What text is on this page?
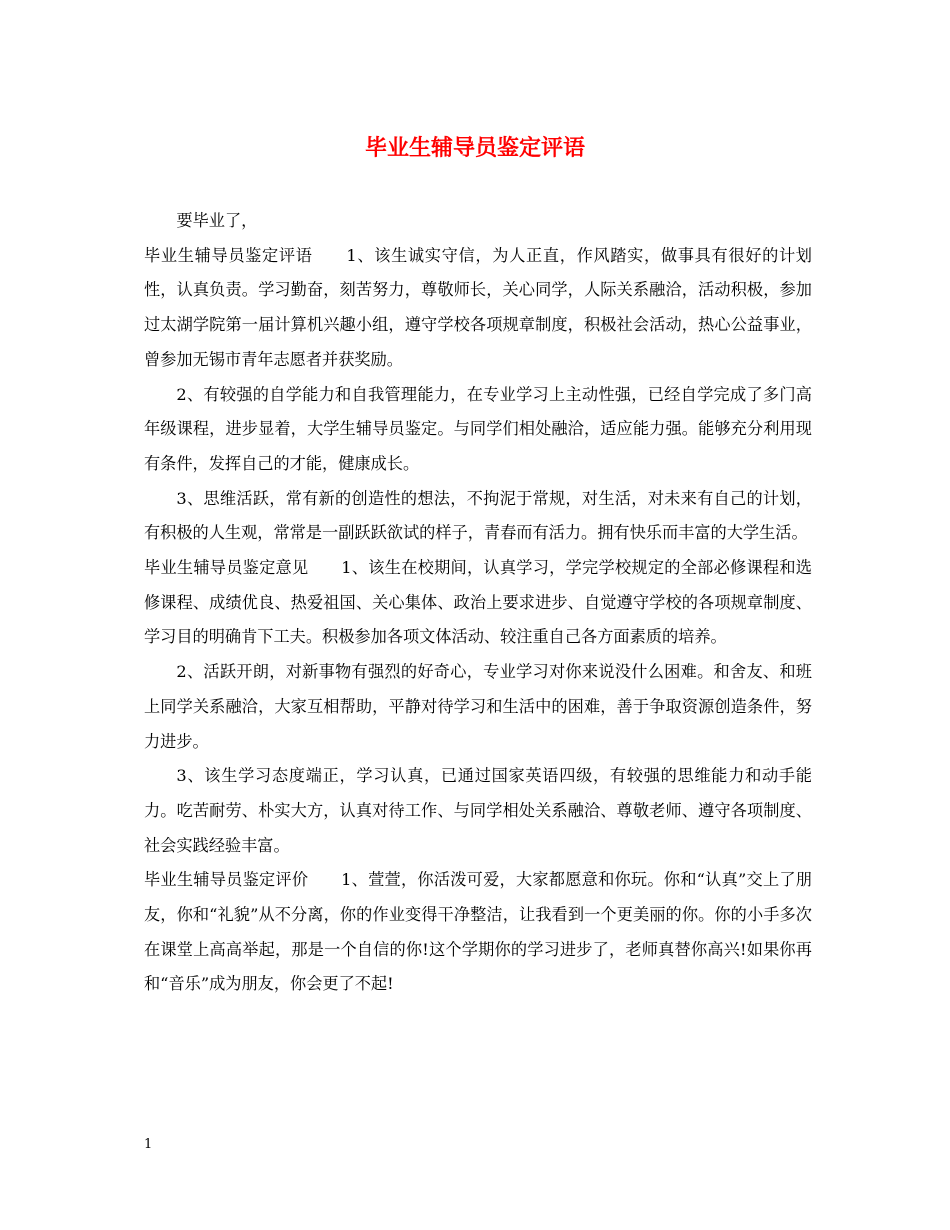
毕业生辅导员鉴定评语

要毕业了，

毕业生辅导员鉴定评语　　1、该生诚实守信，为人正直，作风踏实，做事具有很好的计划性，认真负责。学习勤奋，刻苦努力，尊敬师长，关心同学，人际关系融洽，活动积极，参加过太湖学院第一届计算机兴趣小组，遵守学校各项规章制度，积极社会活动，热心公益事业，曾参加无锡市青年志愿者并获奖励。

2、有较强的自学能力和自我管理能力，在专业学习上主动性强，已经自学完成了多门高年级课程，进步显着，大学生辅导员鉴定。与同学们相处融洽，适应能力强。能够充分利用现有条件，发挥自己的才能，健康成长。

3、思维活跃，常有新的创造性的想法，不拘泥于常规，对生活，对未来有自己的计划，有积极的人生观，常常是一副跃跃欲试的样子，青春而有活力。拥有快乐而丰富的大学生活。

毕业生辅导员鉴定意见　　1、该生在校期间，认真学习，学完学校规定的全部必修课程和选修课程、成绩优良、热爱祖国、关心集体、政治上要求进步、自觉遵守学校的各项规章制度、学习目的明确肯下工夫。积极参加各项文体活动、较注重自己各方面素质的培养。

2、活跃开朗，对新事物有强烈的好奇心，专业学习对你来说没什么困难。和舍友、和班上同学关系融洽，大家互相帮助，平静对待学习和生活中的困难，善于争取资源创造条件，努力进步。

3、该生学习态度端正，学习认真，已通过国家英语四级，有较强的思维能力和动手能力。吃苦耐劳、朴实大方，认真对待工作、与同学相处关系融洽、尊敬老师、遵守各项制度、社会实践经验丰富。

毕业生辅导员鉴定评价　　1、萱萱，你活泼可爱，大家都愿意和你玩。你和“认真”交上了朋友，你和“礼貌”从不分离，你的作业变得干净整洁，让我看到一个更美丽的你。你的小手多次在课堂上高高举起，那是一个自信的你!这个学期你的学习进步了，老师真替你高兴!如果你再和“音乐”成为朋友，你会更了不起!

1
